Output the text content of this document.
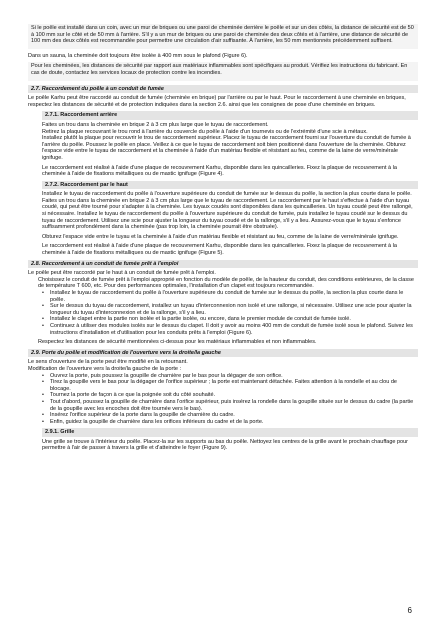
Si le poêle est installé dans un coin, avec un mur de briques ou une paroi de cheminée derrière le poêle et sur un des côtés, la distance de sécurité est de 50 à 100 mm sur le côté et de 50 mm à l'arrière. S'il y a un mur de briques ou une paroi de cheminée des deux côtés et à l'arrière, une distance de sécurité de 100 mm des deux côtés est recommandée pour permettre une circulation d'air suffisante. À l'arrière, les 50 mm mentionnés précédemment suffisent.

Dans un sauna, la cheminée doit toujours être isolée à 400 mm sous le plafond (Figure 6).

Pour les cheminées, les distances de sécurité par rapport aux matériaux inflammables sont spécifiques au produit. Vérifiez les instructions du fabricant. En cas de doute, contactez les services locaux de protection contre les incendies.

2.7. Raccordement du poêle à un conduit de fumée

Le poêle Karhu peut être raccordé au conduit de fumée (cheminée en brique) par l'arrière ou par le haut. Pour le raccordement à une cheminée en briques, respectez les distances de sécurité et de protection indiquées dans la section 2.6. ainsi que les consignes de pose d'une cheminée en briques.

2.7.1. Raccordement arrière

Faites un trou dans la cheminée en brique 2 à 3 cm plus large que le tuyau de raccordement.

Retirez la plaque recouvrant le trou rond à l'arrière du couvercle du poêle à l'aide d'un tournevis ou de l'extrémité d'une scie à métaux.

Installez plutôt la plaque pour recouvrir le trou de raccordement supérieur. Placez le tuyau de raccordement fourni sur l'ouverture du conduit de fumée à l'arrière du poêle. Poussez le poêle en place. Veillez à ce que le tuyau de raccordement soit bien positionné dans l'ouverture de la cheminée. Obturez l'espace vide entre le tuyau de raccordement et la cheminée à l'aide d'un matériau flexible et résistant au feu, comme de la laine de verre/minérale ignifuge.

Le raccordement est réalisé à l'aide d'une plaque de recouvrement Karhu, disponible dans les quincailleries. Fixez la plaque de recouvrement à la cheminée à l'aide de fixations métalliques ou de mastic ignifuge (Figure 4).

2.7.2. Raccordement par le haut

Installez le tuyau de raccordement du poêle à l'ouverture supérieure du conduit de fumée sur le dessus du poêle, la section la plus courte dans le poêle.

Faites un trou dans la cheminée en brique 2 à 3 cm plus large que le tuyau de raccordement. Le raccordement par le haut s'effectue à l'aide d'un tuyau coudé, qui peut être tourné pour s'adapter à la cheminée. Les tuyaux coudés sont disponibles dans les quincailleries. Un tuyau coudé peut être rallongé, si nécessaire. Installez le tuyau de raccordement du poêle à l'ouverture supérieure du conduit de fumée, puis installez le tuyau coudé sur le dessus du tuyau de raccordement. Utilisez une scie pour ajuster la longueur du tuyau coudé et de la rallonge, s'il y a lieu. Assurez-vous que le tuyau s'enfonce suffisamment profondément dans la cheminée (pas trop loin, la cheminée pourrait être obstruée).

Obturez l'espace vide entre le tuyau et la cheminée à l'aide d'un matériau flexible et résistant au feu, comme de la laine de verre/minérale ignifuge.

Le raccordement est réalisé à l'aide d'une plaque de recouvrement Karhu, disponible dans les quincailleries. Fixez la plaque de recouvrement à la cheminée à l'aide de fixations métalliques ou de mastic ignifuge (Figure 5).

2.8. Raccordement à un conduit de fumée prêt à l'emploi

Le poêle peut être raccordé par le haut à un conduit de fumée prêt à l'emploi.

Choisissez le conduit de fumée prêt à l'emploi approprié en fonction du modèle de poêle, de la hauteur du conduit, des conditions extérieures, de la classe de température T 600, etc. Pour des performances optimales, l'installation d'un clapet est toujours recommandée.

• Installez le tuyau de raccordement du poêle à l'ouverture supérieure du conduit de fumée sur le dessus du poêle, la section la plus courte dans le poêle.
• Sur le dessus du tuyau de raccordement, installez un tuyau d'interconnexion non isolé et une rallonge, si nécessaire. Utilisez une scie pour ajuster la longueur du tuyau d'interconnexion et de la rallonge, s'il y a lieu.
• Installez le clapet entre la partie non isolée et la partie isolée, ou encore, dans le premier module de conduit de fumée isolé.
• Continuez à utiliser des modules isolés sur le dessus du clapet. Il doit y avoir au moins 400 mm de conduit de fumée isolé sous le plafond. Suivez les instructions d'installation et d'utilisation pour les conduits prêts à l'emploi (Figure 6).

Respectez les distances de sécurité mentionnées ci-dessus pour les matériaux inflammables et non inflammables.

2.9. Porte du poêle et modification de l'ouverture vers la droite/la gauche

Le sens d'ouverture de la porte peut être modifié en la retournant.

Modification de l'ouverture vers la droite/la gauche de la porte :

• Ouvrez la porte, puis poussez la goupille de charnière par le bas pour la dégager de son orifice.
• Tirez la goupille vers le bas pour la dégager de l'orifice supérieur ; la porte est maintenant détachée. Faites attention à la rondelle et au clou de blocage.
• Tournez la porte de façon à ce que la poignée soit du côté souhaité.
• Tout d'abord, poussez la goupille de charnière dans l'orifice supérieur, puis insérez la rondelle dans la goupille située sur le dessus du cadre (la partie de la goupille avec les encoches doit être tournée vers le bas).
• Insérez l'orifice supérieur de la porte dans la goupille de charnière du cadre.
• Enfin, guidez la goupille de charnière dans les orifices inférieurs du cadre et de la porte.
2.9.1. Grille

Une grille se trouve à l'intérieur du poêle. Placez-la sur les supports au bas du poêle. Nettoyez les centres de la grille avant le prochain chauffage pour permettre à l'air de passer à travers la grille et d'atteindre le foyer (Figure 9).

6
